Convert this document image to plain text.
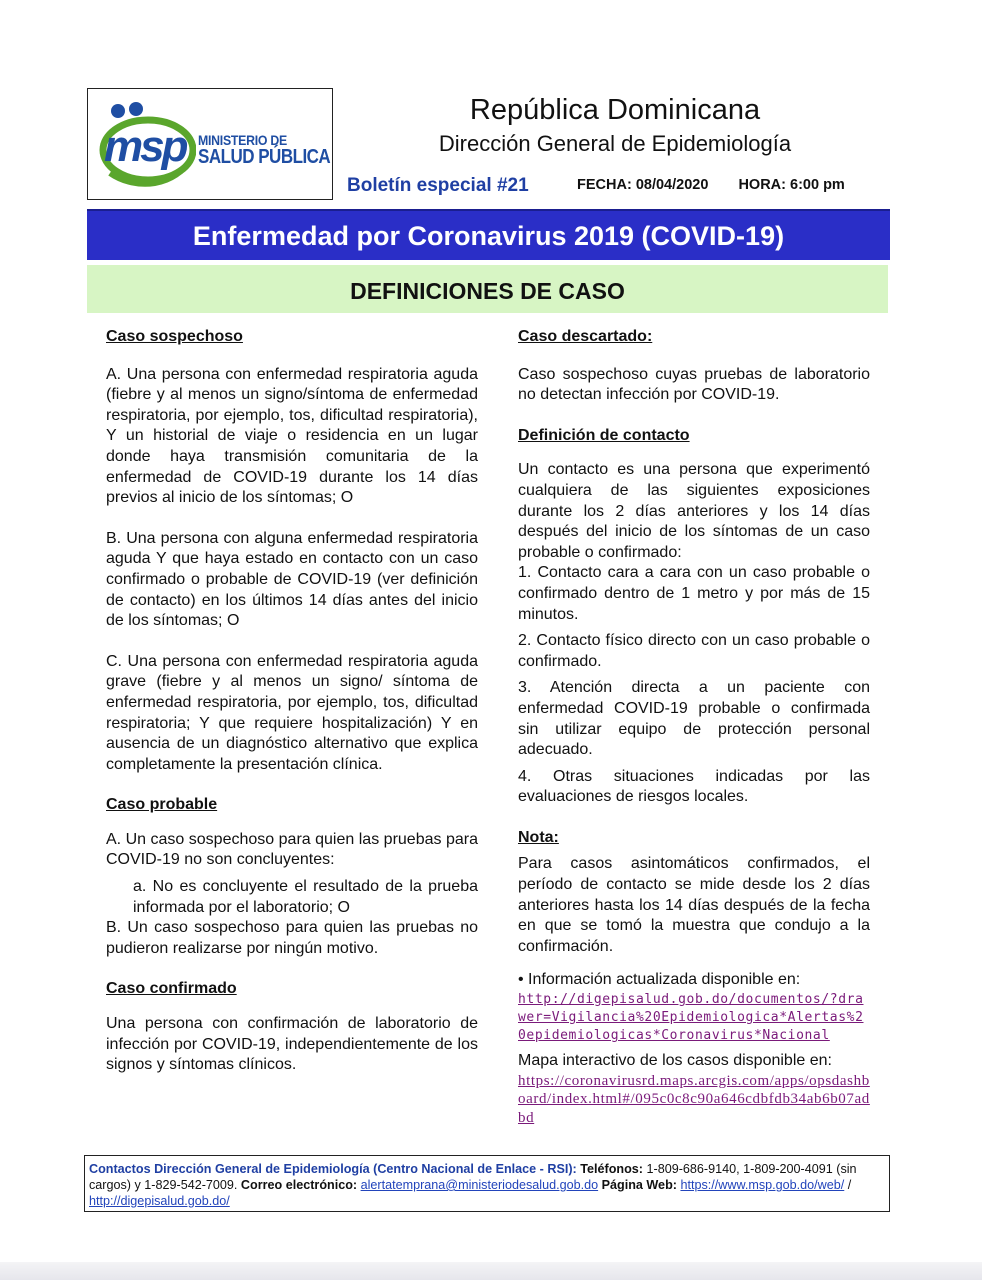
msp MINISTERIO DE
SALUD PÚBLICA
República Dominicana
Dirección General de Epidemiología
Boletín especial #21	FECHA: 08/04/2020 HORA: 6:00 pm
Enfermedad por Coronavirus 2019 (COVID-19)
DEFINICIONES DE CASO

Caso sospechoso

A. Una persona con enfermedad respiratoria aguda (fiebre y al menos un signo/síntoma de enfermedad respiratoria, por ejemplo, tos, dificultad respiratoria), Y un historial de viaje o residencia en un lugar donde haya transmisión comunitaria de la enfermedad de COVID-19 durante los 14 días previos al inicio de los síntomas; O

B. Una persona con alguna enfermedad respiratoria aguda Y que haya estado en contacto con un caso confirmado o probable de COVID-19 (ver definición de contacto) en los últimos 14 días antes del inicio de los síntomas; O

C. Una persona con enfermedad respiratoria aguda grave (fiebre y al menos un signo/ síntoma de enfermedad respiratoria, por ejemplo, tos, dificultad respiratoria; Y que requiere hospitalización) Y en ausencia de un diagnóstico alternativo que explica completamente la presentación clínica.

Caso probable

A. Un caso sospechoso para quien las pruebas para COVID-19 no son concluyentes:

a. No es concluyente el resultado de la prueba informada por el laboratorio; O

B. Un caso sospechoso para quien las pruebas no pudieron realizarse por ningún motivo.

Caso confirmado

Una persona con confirmación de laboratorio de infección por COVID-19, independientemente de los signos y síntomas clínicos.

Caso descartado:

Caso sospechoso cuyas pruebas de laboratorio no detectan infección por COVID-19.

Definición de contacto

Un contacto es una persona que experimentó cualquiera de las siguientes exposiciones durante los 2 días anteriores y los 14 días después del inicio de los síntomas de un caso probable o confirmado:

1. Contacto cara a cara con un caso probable o confirmado dentro de 1 metro y por más de 15 minutos.

2. Contacto físico directo con un caso probable o confirmado.

3. Atención directa a un paciente con enfermedad COVID-19 probable o confirmada sin utilizar equipo de protección personal adecuado.

4. Otras situaciones indicadas por las evaluaciones de riesgos locales.

Nota:

Para casos asintomáticos confirmados, el período de contacto se mide desde los 2 días anteriores hasta los 14 días después de la fecha en que se tomó la muestra que condujo a la confirmación.

• Información actualizada disponible en:

http://digepisalud.gob.do/documentos/?drawer=Vigilancia%20Epidemiologica*Alertas%20epidemiologicas*Coronavirus*Nacional

Mapa interactivo de los casos disponible en:

https://coronavirusrd.maps.arcgis.com/apps/opsdashboard/index.html#/095c0c8c90a646cdbfdb34ab6b07adbd
Contactos Dirección General de Epidemiología (Centro Nacional de Enlace - RSI): Teléfonos: 1-809-686-9140, 1-809-200-4091 (sin cargos) y 1-829-542-7009. Correo electrónico: alertatemprana@ministeriodesalud.gob.do Página Web: https://www.msp.gob.do/web/ / http://digepisalud.gob.do/
